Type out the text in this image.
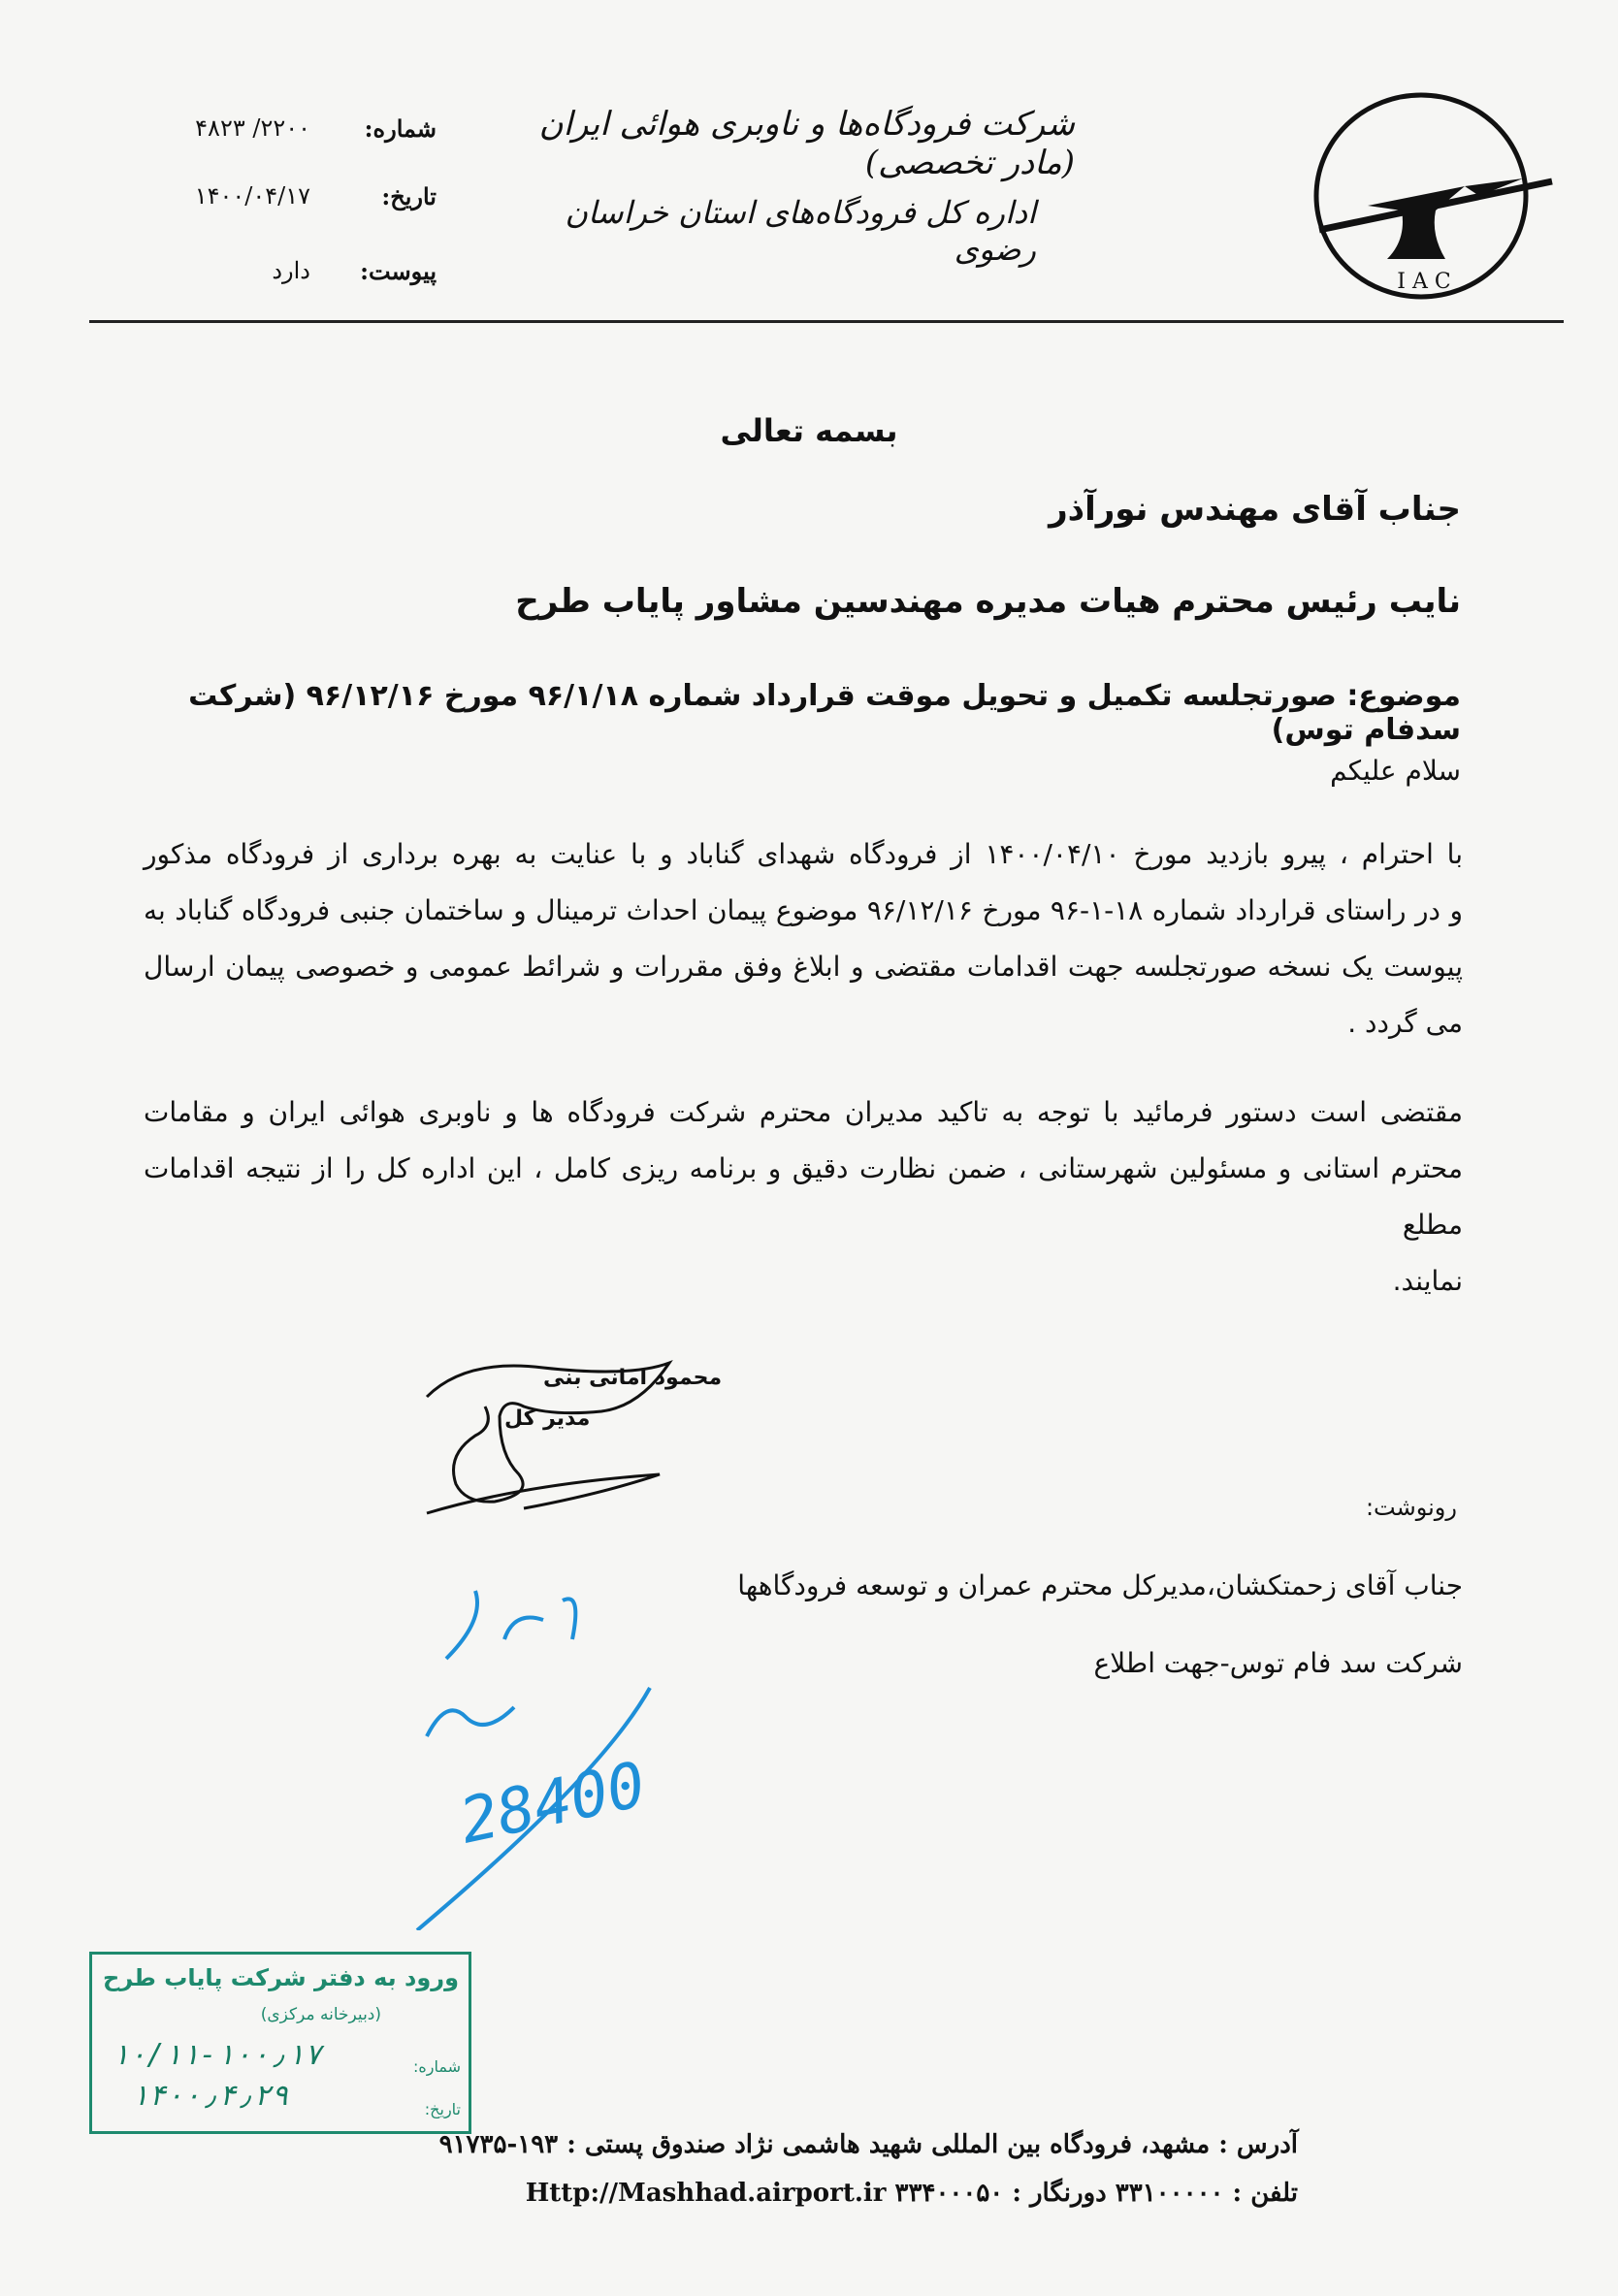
شماره:
۲۲۰۰/ ۴۸۲۳
تاریخ:
۱۴۰۰/۰۴/۱۷
پیوست:
دارد
شرکت فرودگاه‌ها و ناوبری هوائی ایران (مادر تخصصی)
اداره کل فرودگاه‌های استان خراسان رضوی
I A C
بسمه تعالی
جناب آقای مهندس نورآذر
نایب رئیس محترم هیات مدیره مهندسین مشاور پایاب طرح
موضوع: صورتجلسه تکمیل و تحویل موقت قرارداد شماره ۹۶/۱/۱۸ مورخ ۹۶/۱۲/۱۶ (شرکت سدفام توس)
سلام علیکم
با احترام ، پیرو بازدید مورخ ۱۴۰۰/۰۴/۱۰ از فرودگاه شهدای گناباد و با عنایت به بهره برداری از فرودگاه مذکور
و در راستای قرارداد شماره ۱۸-۱-۹۶ مورخ ۹۶/۱۲/۱۶ موضوع پیمان احداث ترمینال و ساختمان جنبی فرودگاه گناباد به
پیوست یک نسخه صورتجلسه جهت اقدامات مقتضی و ابلاغ وفق مقررات و شرائط عمومی و خصوصی پیمان ارسال
می گردد .
مقتضی است دستور فرمائید با توجه به تاکید مدیران محترم شرکت فرودگاه ها و ناوبری هوائی ایران و مقامات
محترم استانی و مسئولین شهرستانی ، ضمن نظارت دقیق و برنامه ریزی کامل ، این اداره کل را از نتیجه اقدامات مطلع
نمایند.
محمود امانی بنی
مدیر کل
رونوشت:
جناب آقای زحمتکشان،مدیرکل محترم عمران و توسعه فرودگاهها
شرکت سد فام توس-جهت اطلاع
28400
ورود به دفتر شرکت پایاب طرح
(دبیرخانه مرکزی)
شماره:
۱۰/۱۱-۱۰۰٫۱۷
تاریخ:
۱۴۰۰٫۴٫۲۹
آدرس : مشهد، فرودگاه بین المللی شهید هاشمی نژاد صندوق پستی : ۱۹۳-۹۱۷۳۵
تلفن : ۳۳۱۰۰۰۰۰ دورنگار : ۳۳۴۰۰۰۵۰ Http://Mashhad.airport.ir
